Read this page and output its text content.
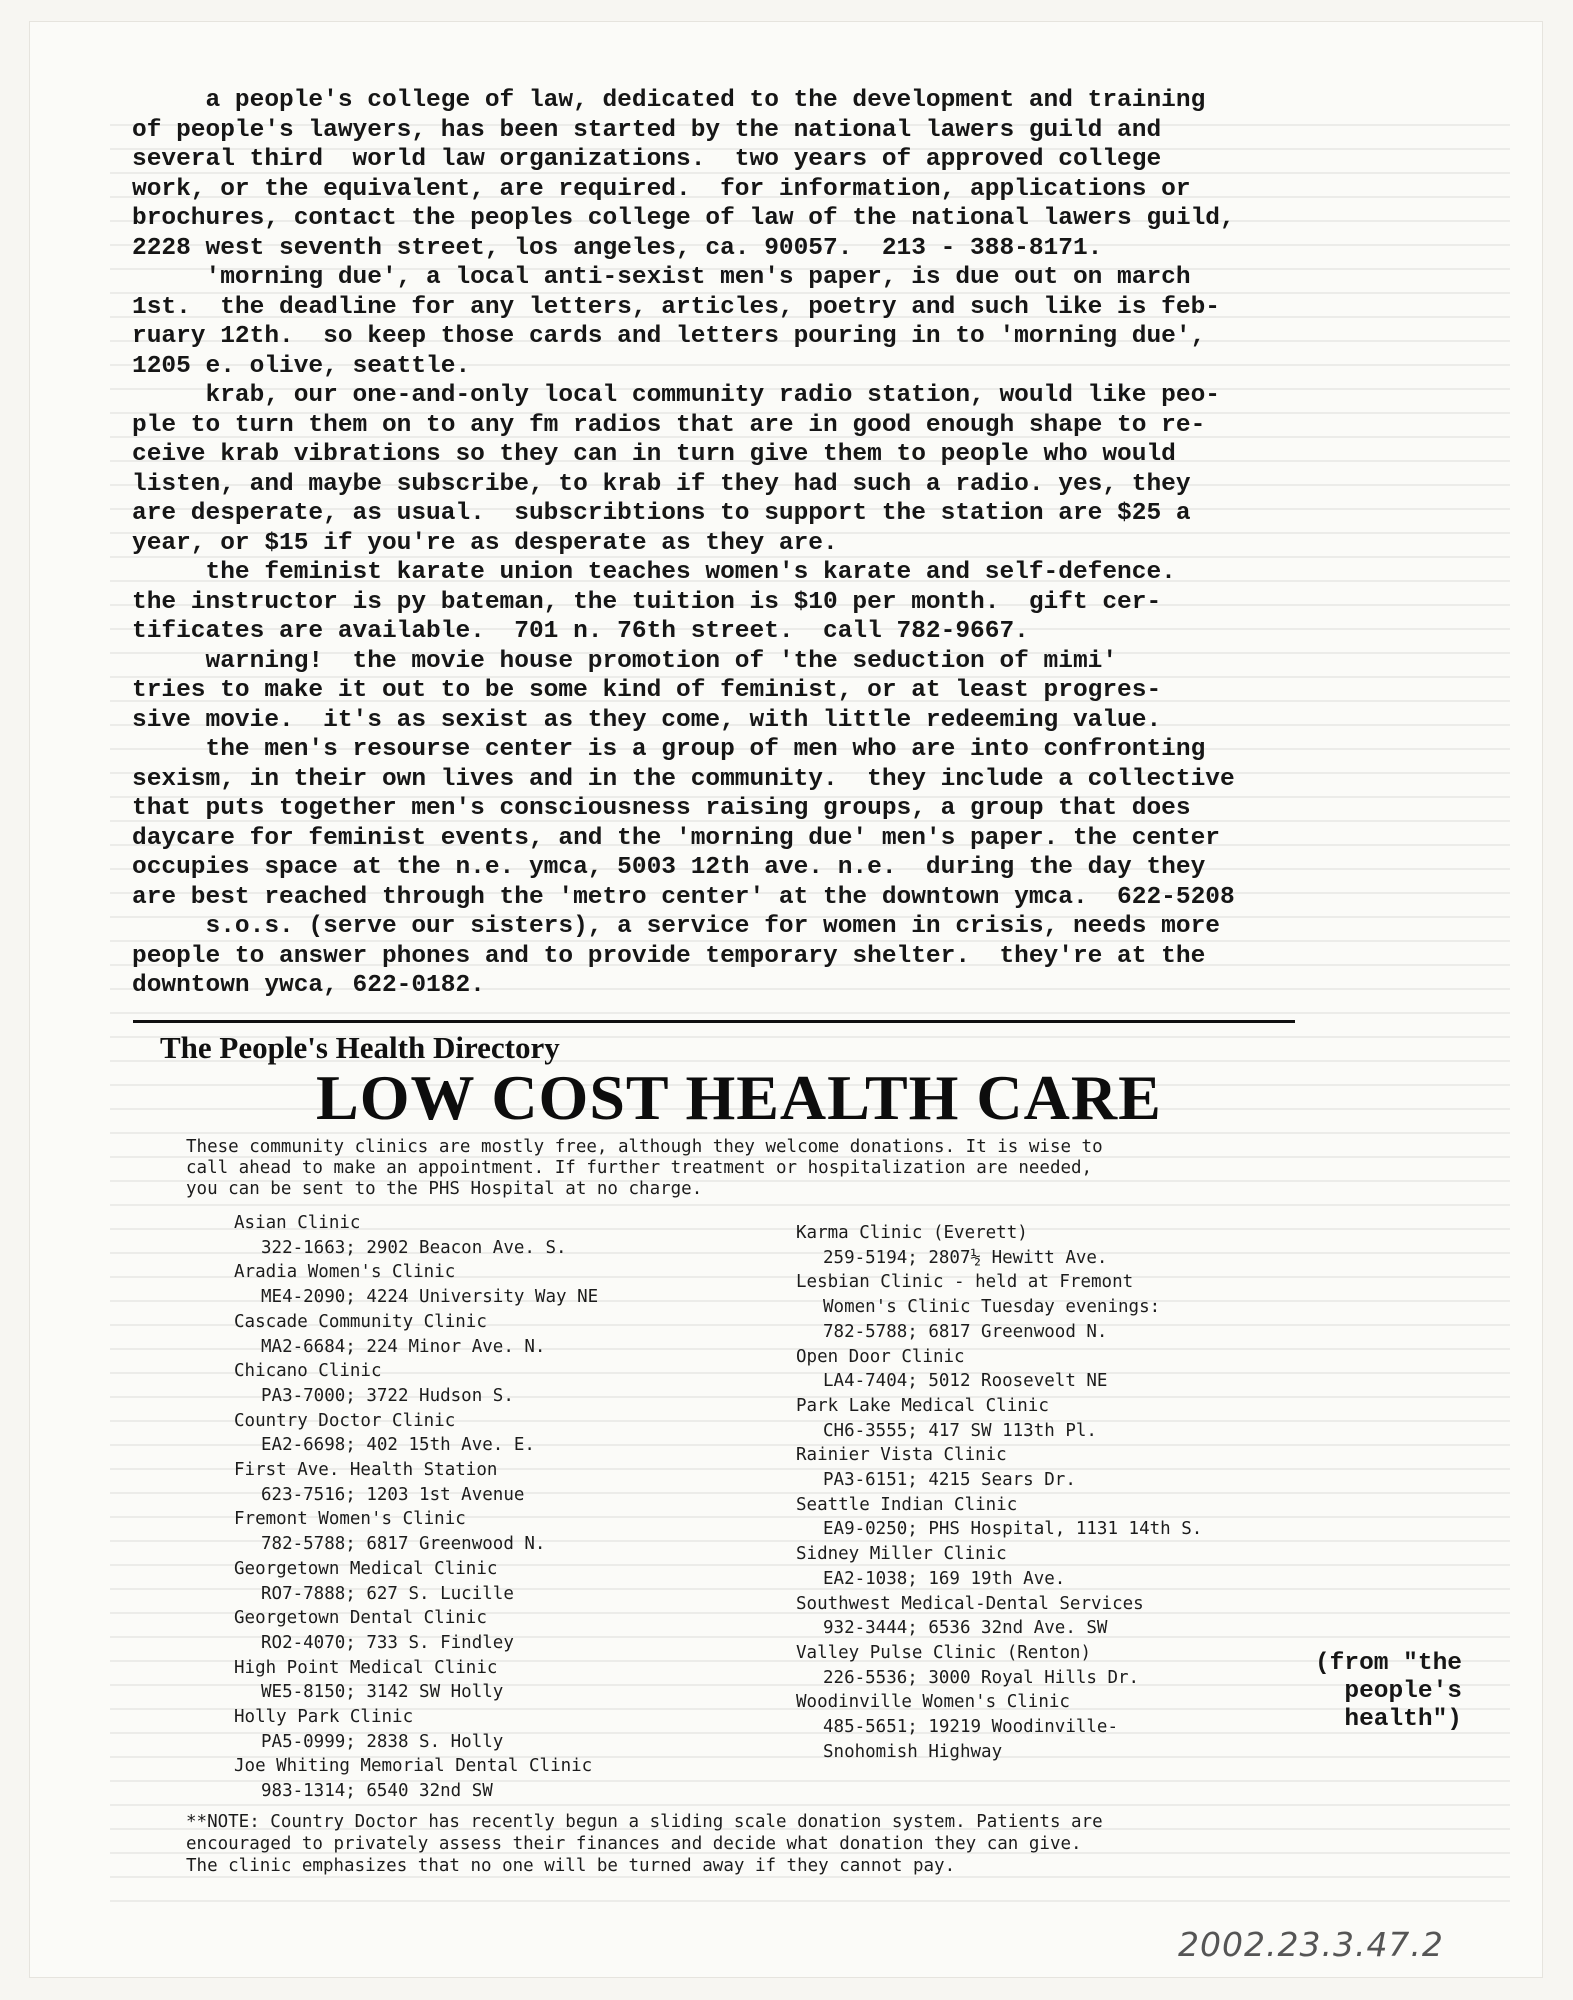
a people's college of law, dedicated to the development and training
of people's lawyers, has been started by the national lawers guild and
several third  world law organizations.  two years of approved college
work, or the equivalent, are required.  for information, applications or
brochures, contact the peoples college of law of the national lawers guild,
2228 west seventh street, los angeles, ca. 90057.  213 - 388-8171.
'morning due', a local anti-sexist men's paper, is due out on march
1st.  the deadline for any letters, articles, poetry and such like is feb-
ruary 12th.  so keep those cards and letters pouring in to 'morning due',
1205 e. olive, seattle.
krab, our one-and-only local community radio station, would like peo-
ple to turn them on to any fm radios that are in good enough shape to re-
ceive krab vibrations so they can in turn give them to people who would
listen, and maybe subscribe, to krab if they had such a radio. yes, they
are desperate, as usual.  subscribtions to support the station are $25 a
year, or $15 if you're as desperate as they are.
the feminist karate union teaches women's karate and self-defence.
the instructor is py bateman, the tuition is $10 per month.  gift cer-
tificates are available.  701 n. 76th street.  call 782-9667.
warning!  the movie house promotion of 'the seduction of mimi'
tries to make it out to be some kind of feminist, or at least progres-
sive movie.  it's as sexist as they come, with little redeeming value.
the men's resourse center is a group of men who are into confronting
sexism, in their own lives and in the community.  they include a collective
that puts together men's consciousness raising groups, a group that does
daycare for feminist events, and the 'morning due' men's paper. the center
occupies space at the n.e. ymca, 5003 12th ave. n.e.  during the day they
are best reached through the 'metro center' at the downtown ymca.  622-5208
s.o.s. (serve our sisters), a service for women in crisis, needs more
people to answer phones and to provide temporary shelter.  they're at the
downtown ywca, 622-0182.
The People's Health Directory
LOW COST HEALTH CARE
These community clinics are mostly free, although they welcome donations. It is wise to
call ahead to make an appointment. If further treatment or hospitalization are needed,
you can be sent to the PHS Hospital at no charge.
Asian Clinic
322-1663; 2902 Beacon Ave. S.
Aradia Women's Clinic
ME4-2090; 4224 University Way NE
Cascade Community Clinic
MA2-6684; 224 Minor Ave. N.
Chicano Clinic
PA3-7000; 3722 Hudson S.
Country Doctor Clinic
EA2-6698; 402 15th Ave. E.
First Ave. Health Station
623-7516; 1203 1st Avenue
Fremont Women's Clinic
782-5788; 6817 Greenwood N.
Georgetown Medical Clinic
RO7-7888; 627 S. Lucille
Georgetown Dental Clinic
RO2-4070; 733 S. Findley
High Point Medical Clinic
WE5-8150; 3142 SW Holly
Holly Park Clinic
PA5-0999; 2838 S. Holly
Joe Whiting Memorial Dental Clinic
983-1314; 6540 32nd SW
Karma Clinic (Everett)
259-5194; 2807½ Hewitt Ave.
Lesbian Clinic - held at Fremont
Women's Clinic Tuesday evenings:
782-5788; 6817 Greenwood N.
Open Door Clinic
LA4-7404; 5012 Roosevelt NE
Park Lake Medical Clinic
CH6-3555; 417 SW 113th Pl.
Rainier Vista Clinic
PA3-6151; 4215 Sears Dr.
Seattle Indian Clinic
EA9-0250; PHS Hospital, 1131 14th S.
Sidney Miller Clinic
EA2-1038; 169 19th Ave.
Southwest Medical-Dental Services
932-3444; 6536 32nd Ave. SW
Valley Pulse Clinic (Renton)
226-5536; 3000 Royal Hills Dr.
Woodinville Women's Clinic
485-5651; 19219 Woodinville-
Snohomish Highway
(from "the
people's
health")
**NOTE: Country Doctor has recently begun a sliding scale donation system. Patients are
encouraged to privately assess their finances and decide what donation they can give.
The clinic emphasizes that no one will be turned away if they cannot pay.
2002.23.3.47.2
